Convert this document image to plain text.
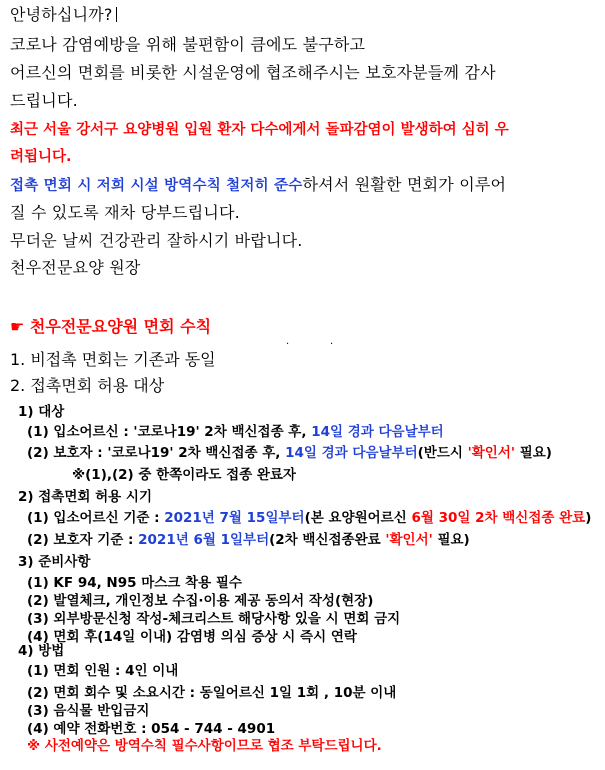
안녕하십니까?
코로나 감염예방을 위해 불편함이 큼에도 불구하고
어르신의 면회를 비롯한 시설운영에 협조해주시는 보호자분들께 감사
드립니다.
최근 서울 강서구 요양병원 입원 환자 다수에게서 돌파감염이 발생하여 심히 우
려됩니다.
접촉 면회 시 저희 시설 방역수칙 철저히 준수하셔서 원활한 면회가 이루어
질 수 있도록 재차 당부드립니다.
무더운 날씨 건강관리 잘하시기 바랍니다.
천우전문요양 원장
☛ 천우전문요양원 면회 수칙
.	.
1. 비접촉 면회는 기존과 동일
2. 접촉면회 허용 대상
1) 대상
(1) 입소어르신 : '코로나19' 2차 백신접종 후, 14일 경과 다음날부터
(2) 보호자 : '코로나19' 2차 백신접종 후, 14일 경과 다음날부터(반드시 '확인서' 필요)
※(1),(2) 중 한쪽이라도 접종 완료자
2) 접촉면회 허용 시기
(1) 입소어르신 기준 : 2021년 7월 15일부터(본 요양원어르신 6월 30일 2차 백신접종 완료)
(2) 보호자 기준 : 2021년 6월 1일부터(2차 백신접종완료 '확인서' 필요)
3) 준비사항
(1) KF 94, N95 마스크 착용 필수
(2) 발열체크, 개인정보 수집·이용 제공 동의서 작성(현장)
(3) 외부방문신청 작성-체크리스트 해당사항 있을 시 면회 금지
(4) 면회 후(14일 이내) 감염병 의심 증상 시 즉시 연락
4) 방법
(1) 면회 인원 : 4인 이내
(2) 면회 회수 및 소요시간 : 동일어르신 1일 1회 , 10분 이내
(3) 음식물 반입금지
(4) 예약 전화번호 : 054 - 744 - 4901
※ 사전예약은 방역수칙 필수사항이므로 협조 부탁드립니다.
